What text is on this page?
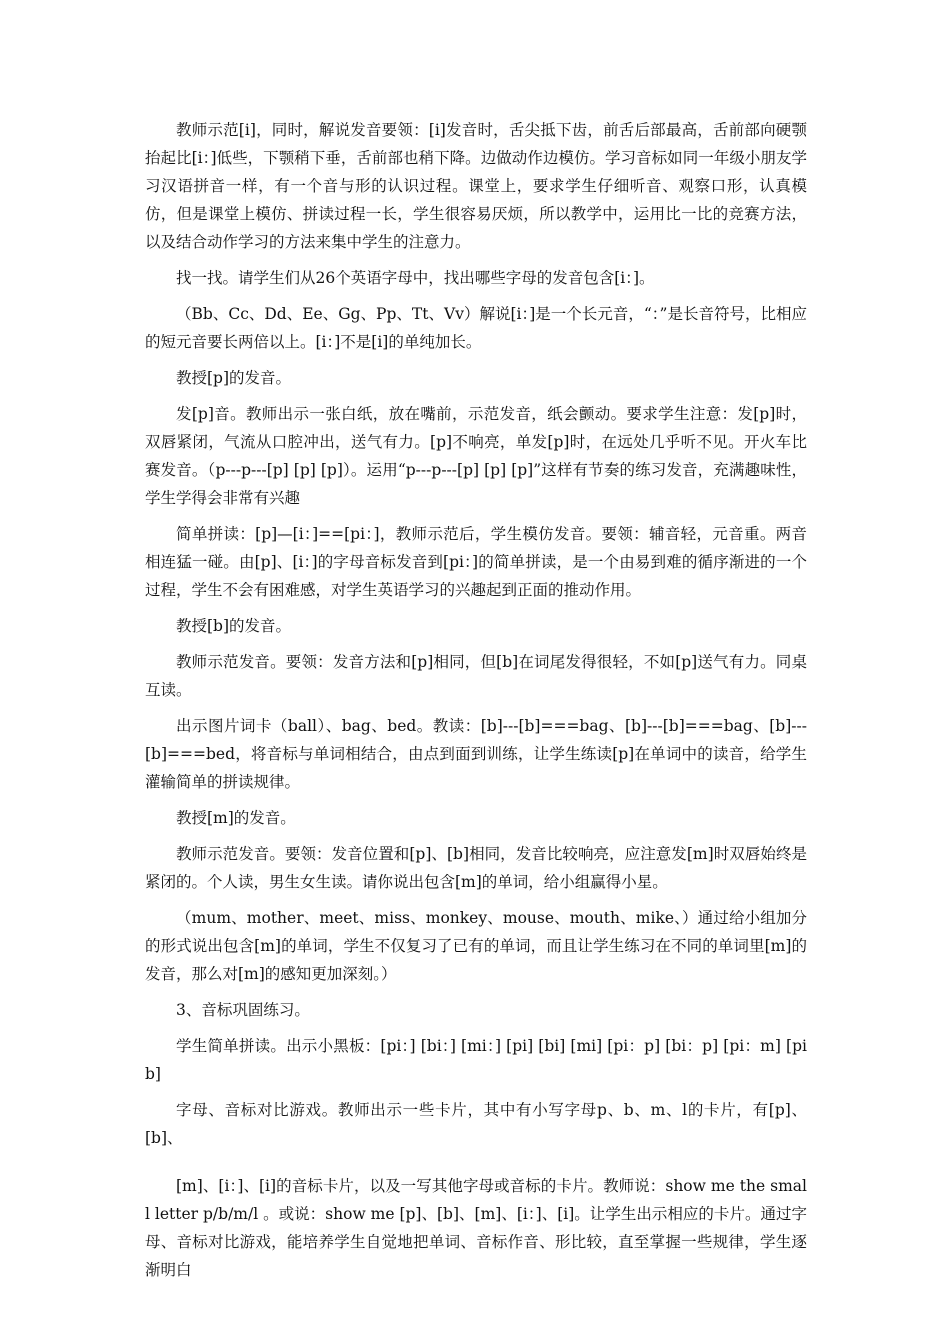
教师示范[i]，同时，解说发音要领：[i]发音时，舌尖抵下齿，前舌后部最高，舌前部向硬颚抬起比[i：]低些，下颚稍下垂，舌前部也稍下降。边做动作边模仿。学习音标如同一年级小朋友学习汉语拼音一样，有一个音与形的认识过程。课堂上，要求学生仔细听音、观察口形，认真模仿，但是课堂上模仿、拼读过程一长，学生很容易厌烦，所以教学中，运用比一比的竞赛方法，以及结合动作学习的方法来集中学生的注意力。

找一找。请学生们从26个英语字母中，找出哪些字母的发音包含[i：]。

（Bb、Cc、Dd、Ee、Gg、Pp、Tt、Vv）解说[i：]是一个长元音，“：”是长音符号，比相应的短元音要长两倍以上。[i：]不是[i]的单纯加长。

教授[p]的发音。

发[p]音。教师出示一张白纸，放在嘴前，示范发音，纸会颤动。要求学生注意：发[p]时，双唇紧闭，气流从口腔冲出，送气有力。[p]不响亮，单发[p]时，在远处几乎听不见。开火车比赛发音。（p---p---[p] [p] [p]）。运用“p---p---[p] [p] [p]”这样有节奏的练习发音，充满趣味性，学生学得会非常有兴趣

简单拼读：[p]—[i：]==[pi：]，教师示范后，学生模仿发音。要领：辅音轻，元音重。两音相连猛一碰。由[p]、[i：]的字母音标发音到[pi：]的简单拼读，是一个由易到难的循序渐进的一个过程，学生不会有困难感，对学生英语学习的兴趣起到正面的推动作用。

教授[b]的发音。

教师示范发音。要领：发音方法和[p]相同，但[b]在词尾发得很轻，不如[p]送气有力。同桌互读。

出示图片词卡（ball）、bag、bed。教读：[b]---[b]===bag、[b]---[b]===bag、[b]---[b]===bed，将音标与单词相结合，由点到面到训练，让学生练读[p]在单词中的读音，给学生灌输简单的拼读规律。

教授[m]的发音。

教师示范发音。要领：发音位置和[p]、[b]相同，发音比较响亮，应注意发[m]时双唇始终是紧闭的。个人读，男生女生读。请你说出包含[m]的单词，给小组赢得小星。

（mum、mother、meet、miss、monkey、mouse、mouth、mike、）通过给小组加分的形式说出包含[m]的单词，学生不仅复习了已有的单词，而且让学生练习在不同的单词里[m]的发音，那么对[m]的感知更加深刻。）

3、音标巩固练习。

学生简单拼读。出示小黑板：[pi：] [bi：] [mi：] [pi] [bi] [mi] [pi：p] [bi：p] [pi：m] [pib]

字母、音标对比游戏。教师出示一些卡片，其中有小写字母p、b、m、l的卡片，有[p]、[b]、

[m]、[i：]、[i]的音标卡片，以及一写其他字母或音标的卡片。教师说：show me the small letter p/b/m/l 。或说：show me [p]、[b]、[m]、[i：]、[i]。让学生出示相应的卡片。通过字母、音标对比游戏，能培养学生自觉地把单词、音标作音、形比较，直至掌握一些规律，学生逐渐明白
